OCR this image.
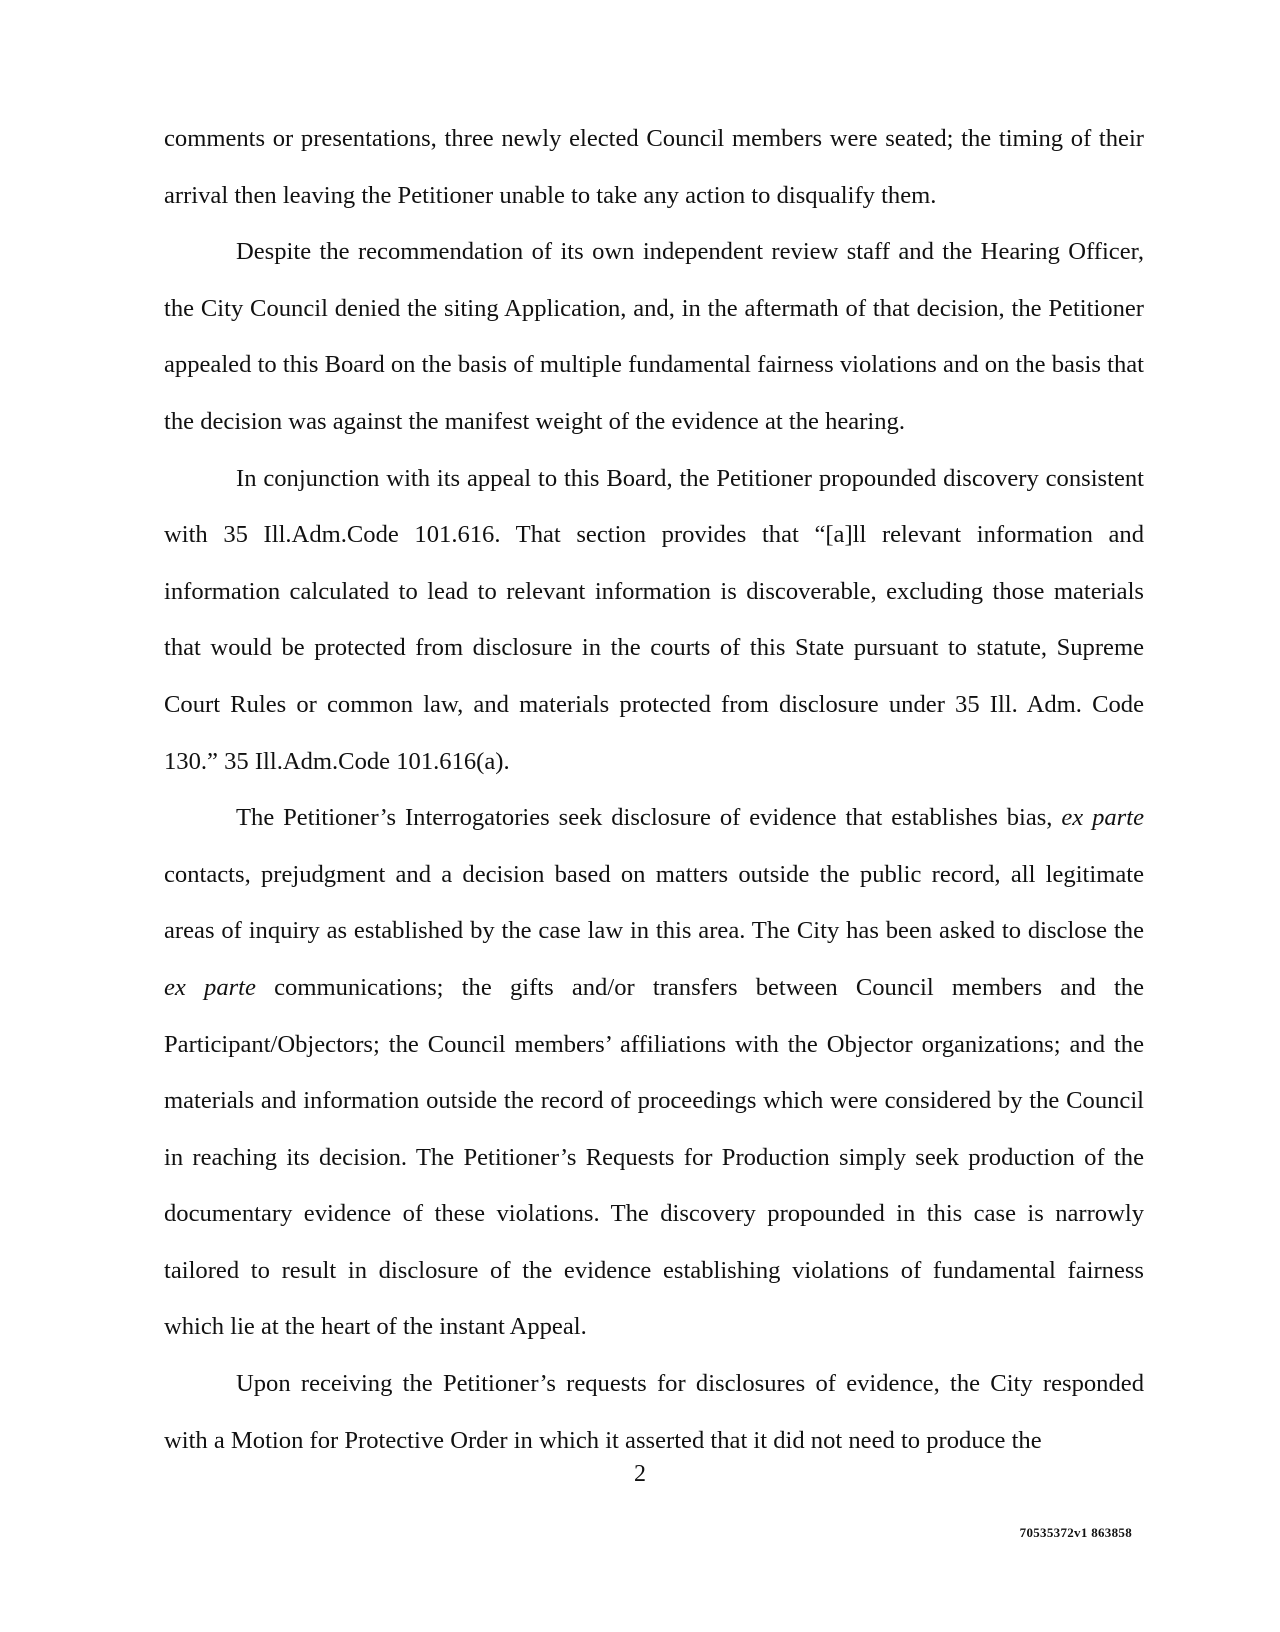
comments or presentations, three newly elected Council members were seated; the timing of their arrival then leaving the Petitioner unable to take any action to disqualify them.

Despite the recommendation of its own independent review staff and the Hearing Officer, the City Council denied the siting Application, and, in the aftermath of that decision, the Petitioner appealed to this Board on the basis of multiple fundamental fairness violations and on the basis that the decision was against the manifest weight of the evidence at the hearing.

In conjunction with its appeal to this Board, the Petitioner propounded discovery consistent with 35 Ill.Adm.Code 101.616. That section provides that “[a]ll relevant information and information calculated to lead to relevant information is discoverable, excluding those materials that would be protected from disclosure in the courts of this State pursuant to statute, Supreme Court Rules or common law, and materials protected from disclosure under 35 Ill. Adm. Code 130.” 35 Ill.Adm.Code 101.616(a).

The Petitioner’s Interrogatories seek disclosure of evidence that establishes bias, ex parte contacts, prejudgment and a decision based on matters outside the public record, all legitimate areas of inquiry as established by the case law in this area. The City has been asked to disclose the ex parte communications; the gifts and/or transfers between Council members and the Participant/Objectors; the Council members’ affiliations with the Objector organizations; and the materials and information outside the record of proceedings which were considered by the Council in reaching its decision. The Petitioner’s Requests for Production simply seek production of the documentary evidence of these violations. The discovery propounded in this case is narrowly tailored to result in disclosure of the evidence establishing violations of fundamental fairness which lie at the heart of the instant Appeal.

Upon receiving the Petitioner’s requests for disclosures of evidence, the City responded with a Motion for Protective Order in which it asserted that it did not need to produce the

2
70535372v1 863858
